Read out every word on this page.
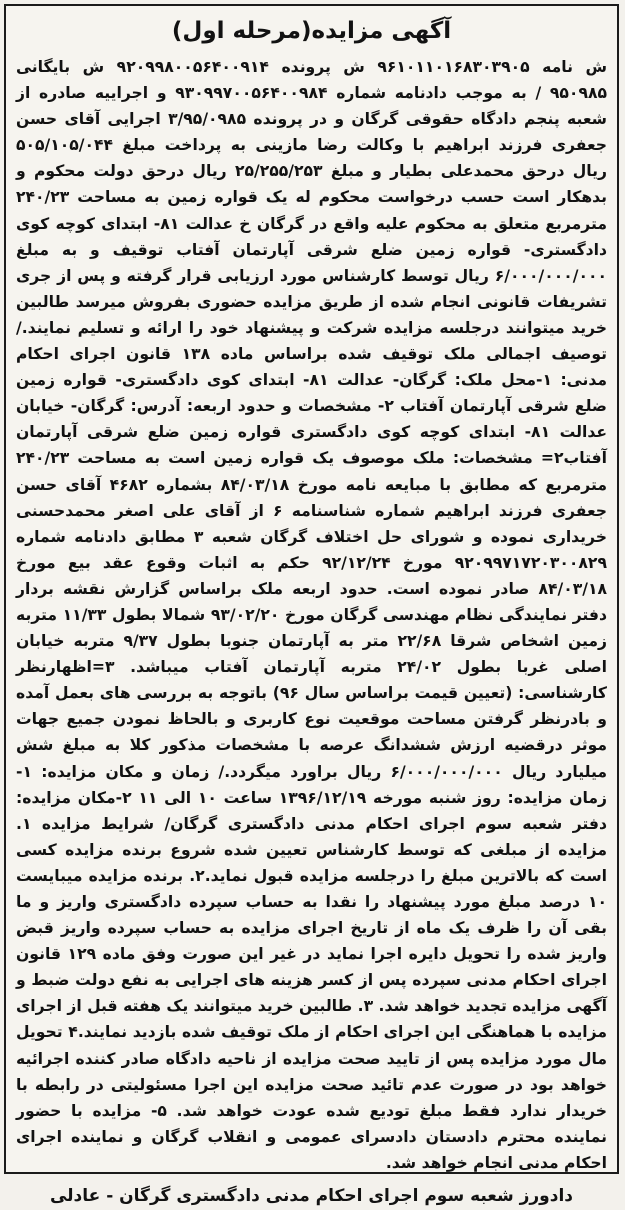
آگهی مزایده(مرحله اول)

ش نامه ۹۶۱۰۱۱۰۱۶۸۳۰۳۹۰۵ ش پرونده ۹۲۰۹۹۸۰۰۵۶۴۰۰۹۱۴ ش بایگانی ۹۵۰۹۸۵ / به موجب دادنامه شماره ۹۳۰۹۹۷۰۰۵۶۴۰۰۹۸۴ و اجراییه صادره از شعبه پنجم دادگاه حقوقی گرگان و در پرونده ۳/۹۵/۰۹۸۵ اجرایی آقای حسن جعفری فرزند ابراهیم با وکالت رضا مازینی به پرداخت مبلغ ۵۰۵/۱۰۵/۰۴۴ ریال درحق محمدعلی بطیار و مبلغ ۲۵/۲۵۵/۲۵۳ ریال درحق دولت محکوم و بدهکار است حسب درخواست محکوم له یک قواره زمین به مساحت ۲۴۰/۲۳ مترمربع متعلق به محکوم علیه واقع در گرگان خ عدالت ۸۱- ابتدای کوچه کوی دادگستری- قواره زمین ضلع شرقی آپارتمان آفتاب توقیف و به مبلغ ۶/۰۰۰/۰۰۰/۰۰۰ ریال توسط کارشناس مورد ارزیابی قرار گرفته و پس از جری تشریفات قانونی انجام شده از طریق مزایده حضوری بفروش میرسد طالبین خرید میتوانند درجلسه مزایده شرکت و پیشنهاد خود را ارائه و تسلیم نمایند./ توصیف اجمالی ملک توقیف شده براساس ماده ۱۳۸ قانون اجرای احکام مدنی: ۱-محل ملک: گرگان- عدالت ۸۱- ابتدای کوی دادگستری- قواره زمین ضلع شرقی آپارتمان آفتاب ۲- مشخصات و حدود اربعه: آدرس: گرگان- خیابان عدالت ۸۱- ابتدای کوچه کوی دادگستری قواره زمین ضلع شرقی آپارتمان آفتاب۲= مشخصات: ملک موصوف یک قواره زمین است به مساحت ۲۴۰/۲۳ مترمربع که مطابق با مبایعه نامه مورخ ۸۴/۰۳/۱۸ بشماره ۴۶۸۲ آقای حسن جعفری فرزند ابراهیم شماره شناسنامه ۶ از آقای علی اصغر محمدحسنی خریداری نموده و شورای حل اختلاف گرگان شعبه ۳ مطابق دادنامه شماره ۹۲۰۹۹۷۱۷۲۰۳۰۰۸۲۹ مورخ ۹۲/۱۲/۲۴ حکم به اثبات وقوع عقد بیع مورخ ۸۴/۰۳/۱۸ صادر نموده است. حدود اربعه ملک براساس گزارش نقشه بردار دفتر نمایندگی نظام مهندسی گرگان مورخ ۹۳/۰۲/۲۰ شمالا بطول ۱۱/۳۳ متربه زمین اشخاص شرقا ۲۲/۶۸ متر به آپارتمان جنوبا بطول ۹/۳۷ متربه خیابان اصلی غربا بطول ۲۴/۰۲ متربه آپارتمان آفتاب میباشد. ۳=اظهارنظر کارشناسی: (تعیین قیمت براساس سال ۹۶) باتوجه به بررسی های بعمل آمده و بادرنظر گرفتن مساحت موقعیت نوع کاربری و بالحاظ نمودن جمیع جهات موثر درقضیه ارزش ششدانگ عرصه با مشخصات مذکور کلا به مبلغ شش میلیارد ریال ۶/۰۰۰/۰۰۰/۰۰۰ ریال براورد میگردد./ زمان و مکان مزایده: ۱- زمان مزایده: روز شنبه مورخه ۱۳۹۶/۱۲/۱۹ ساعت ۱۰ الی ۱۱ ۲-مکان مزایده: دفتر شعبه سوم اجرای احکام مدنی دادگستری گرگان/ شرایط مزایده ۱. مزایده از مبلغی که توسط کارشناس تعیین شده شروع برنده مزایده کسی است که بالاترین مبلغ را درجلسه مزایده قبول نماید.۲. برنده مزایده میبایست ۱۰ درصد مبلغ مورد پیشنهاد را نقدا به حساب سپرده دادگستری واریز و ما بقی آن را ظرف یک ماه از تاریخ اجرای مزایده به حساب سپرده واریز قبض واریز شده را تحویل دایره اجرا نماید در غیر این صورت وفق ماده ۱۲۹ قانون اجرای احکام مدنی سپرده پس از کسر هزینه های اجرایی به نفع دولت ضبط و آگهی مزایده تجدید خواهد شد. ۳. طالبین خرید میتوانند یک هفته قبل از اجرای مزایده با هماهنگی این اجرای احکام از ملک توقیف شده بازدید نمایند.۴ تحویل مال مورد مزایده پس از تایید صحت مزایده از ناحیه دادگاه صادر کننده اجرائیه خواهد بود در صورت عدم تائید صحت مزایده این اجرا مسئولیتی در رابطه با خریدار ندارد فقط مبلغ تودیع شده عودت خواهد شد. ۵- مزایده با حضور نماینده محترم دادستان دادسرای عمومی و انقلاب گرگان و نماینده اجرای احکام مدنی انجام خواهد شد.

دادورز شعبه سوم اجرای احکام مدنی دادگستری گرگان - عادلی
